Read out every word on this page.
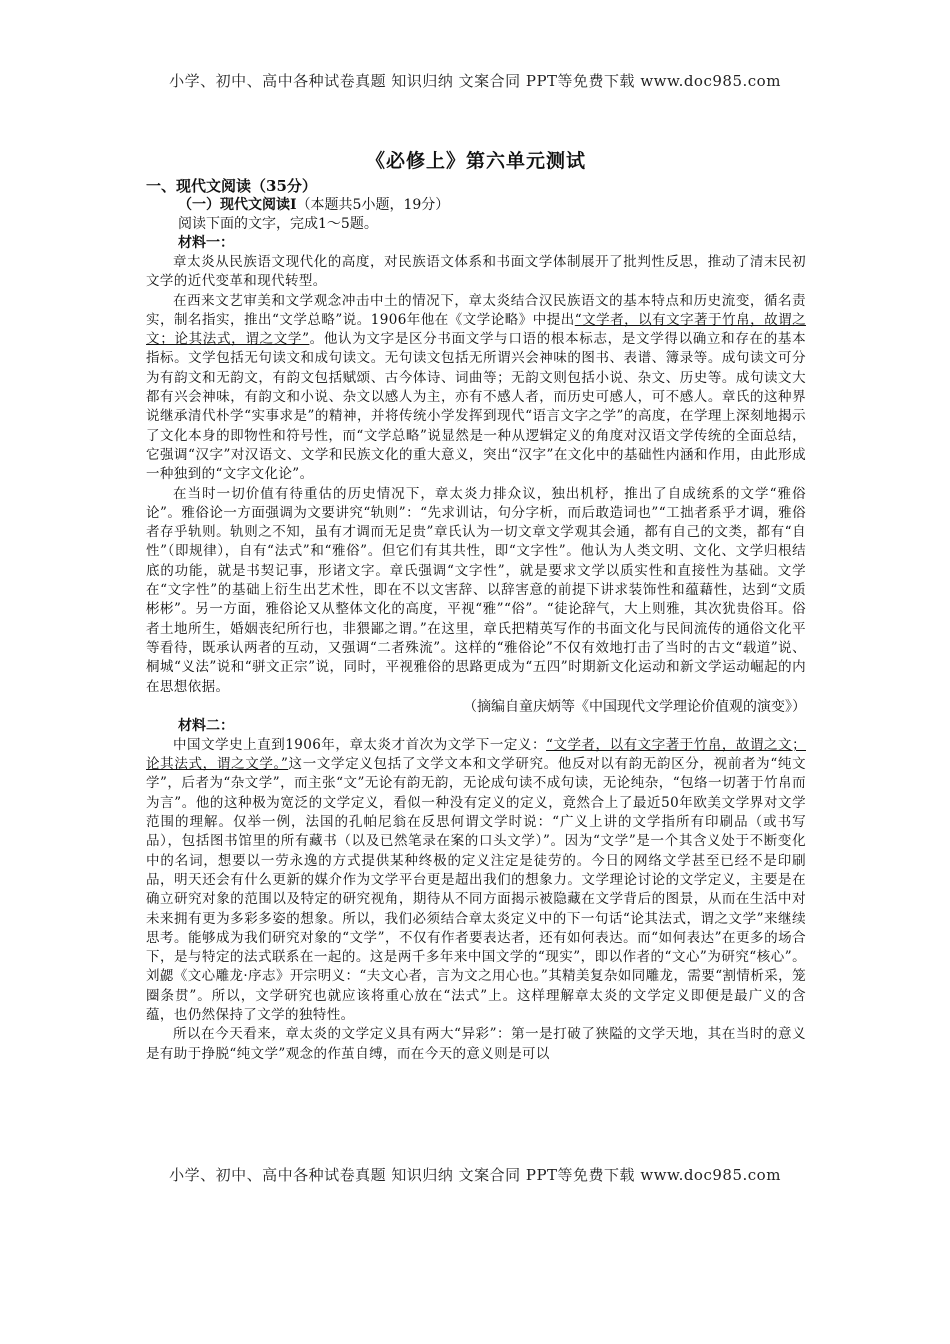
小学、初中、高中各种试卷真题 知识归纳 文案合同 PPT等免费下载 www.doc985.com
《必修上》第六单元测试

一、现代文阅读（35分）

（一）现代文阅读Ⅰ（本题共5小题，19分）

阅读下面的文字，完成1～5题。

材料一：

章太炎从民族语文现代化的高度，对民族语文体系和书面文学体制展开了批判性反思，推动了清末民初文学的近代变革和现代转型。

在西来文艺审美和文学观念冲击中土的情况下，章太炎结合汉民族语文的基本特点和历史流变，循名责实，制名指实，推出“文学总略”说。1906年他在《文学论略》中提出“文学者，以有文字著于竹帛，故谓之文；论其法式，谓之文学”。他认为文字是区分书面文学与口语的根本标志，是文学得以确立和存在的基本指标。文学包括无句读文和成句读文。无句读文包括无所谓兴会神味的图书、表谱、簿录等。成句读文可分为有韵文和无韵文，有韵文包括赋颂、古今体诗、词曲等；无韵文则包括小说、杂文、历史等。成句读文大都有兴会神味，有韵文和小说、杂文以感人为主，亦有不感人者，而历史可感人，可不感人。章氏的这种界说继承清代朴学“实事求是”的精神，并将传统小学发挥到现代“语言文字之学”的高度，在学理上深刻地揭示了文化本身的即物性和符号性，而“文学总略”说显然是一种从逻辑定义的角度对汉语文学传统的全面总结，它强调“汉字”对汉语文、文学和民族文化的重大意义，突出“汉字”在文化中的基础性内涵和作用，由此形成一种独到的“文字文化论”。

在当时一切价值有待重估的历史情况下，章太炎力排众议，独出机杼，推出了自成统系的文学“雅俗论”。雅俗论一方面强调为文要讲究“轨则”：“先求训诂，句分字析，而后敢造词也”“工拙者系乎才调，雅俗者存乎轨则。轨则之不知，虽有才调而无足贵”章氏认为一切文章文学观其会通，都有自己的文类，都有“自性”（即规律），自有“法式”和“雅俗”。但它们有其共性，即“文字性”。他认为人类文明、文化、文学归根结底的功能，就是书契记事，形诸文字。章氏强调“文字性”，就是要求文学以质实性和直接性为基础。文学在“文字性”的基础上衍生出艺术性，即在不以文害辞、以辞害意的前提下讲求装饰性和蕴藉性，达到“文质彬彬”。另一方面，雅俗论又从整体文化的高度，平视“雅”“俗”。“徒论辞气，大上则雅，其次犹贵俗耳。俗者土地所生，婚姻丧纪所行也，非猥鄙之谓。”在这里，章氏把精英写作的书面文化与民间流传的通俗文化平等看待，既承认两者的互动，又强调“二者殊流”。这样的“雅俗论”不仅有效地打击了当时的古文“载道”说、桐城“义法”说和“骈文正宗”说，同时，平视雅俗的思路更成为“五四”时期新文化运动和新文学运动崛起的内在思想依据。

（摘编自童庆炳等《中国现代文学理论价值观的演变》）

材料二：

中国文学史上直到1906年，章太炎才首次为文学下一定义：“文学者，以有文字著于竹帛，故谓之文；论其法式，谓之文学。”这一文学定义包括了文学文本和文学研究。他反对以有韵无韵区分，视前者为“纯文学”，后者为“杂文学”，而主张“文”无论有韵无韵，无论成句读不成句读，无论纯杂，“包络一切著于竹帛而为言”。他的这种极为宽泛的文学定义，看似一种没有定义的定义，竟然合上了最近50年欧美文学界对文学范围的理解。仅举一例，法国的孔帕尼翁在反思何谓文学时说：“广义上讲的文学指所有印刷品（或书写品），包括图书馆里的所有藏书（以及已然笔录在案的口头文学）”。因为“文学”是一个其含义处于不断变化中的名词，想要以一劳永逸的方式提供某种终极的定义注定是徒劳的。今日的网络文学甚至已经不是印刷品，明天还会有什么更新的媒介作为文学平台更是超出我们的想象力。文学理论讨论的文学定义，主要是在确立研究对象的范围以及特定的研究视角，期待从不同方面揭示被隐藏在文学背后的图景，从而在生活中对未来拥有更为多彩多姿的想象。所以，我们必须结合章太炎定义中的下一句话“论其法式，谓之文学”来继续思考。能够成为我们研究对象的“文学”，不仅有作者要表达者，还有如何表达。而“如何表达”在更多的场合下，是与特定的法式联系在一起的。这是两千多年来中国文学的“现实”，即以作者的“文心”为研究“核心”。刘勰《文心雕龙·序志》开宗明义：“夫文心者，言为文之用心也。”其精美复杂如同雕龙，需要“割情析采，笼圈条贯”。所以，文学研究也就应该将重心放在“法式”上。这样理解章太炎的文学定义即便是最广义的含蕴，也仍然保持了文学的独特性。

所以在今天看来，章太炎的文学定义具有两大“异彩”：第一是打破了狭隘的文学天地，其在当时的意义是有助于挣脱“纯文学”观念的作茧自缚，而在今天的意义则是可以

小学、初中、高中各种试卷真题 知识归纳 文案合同 PPT等免费下载 www.doc985.com
